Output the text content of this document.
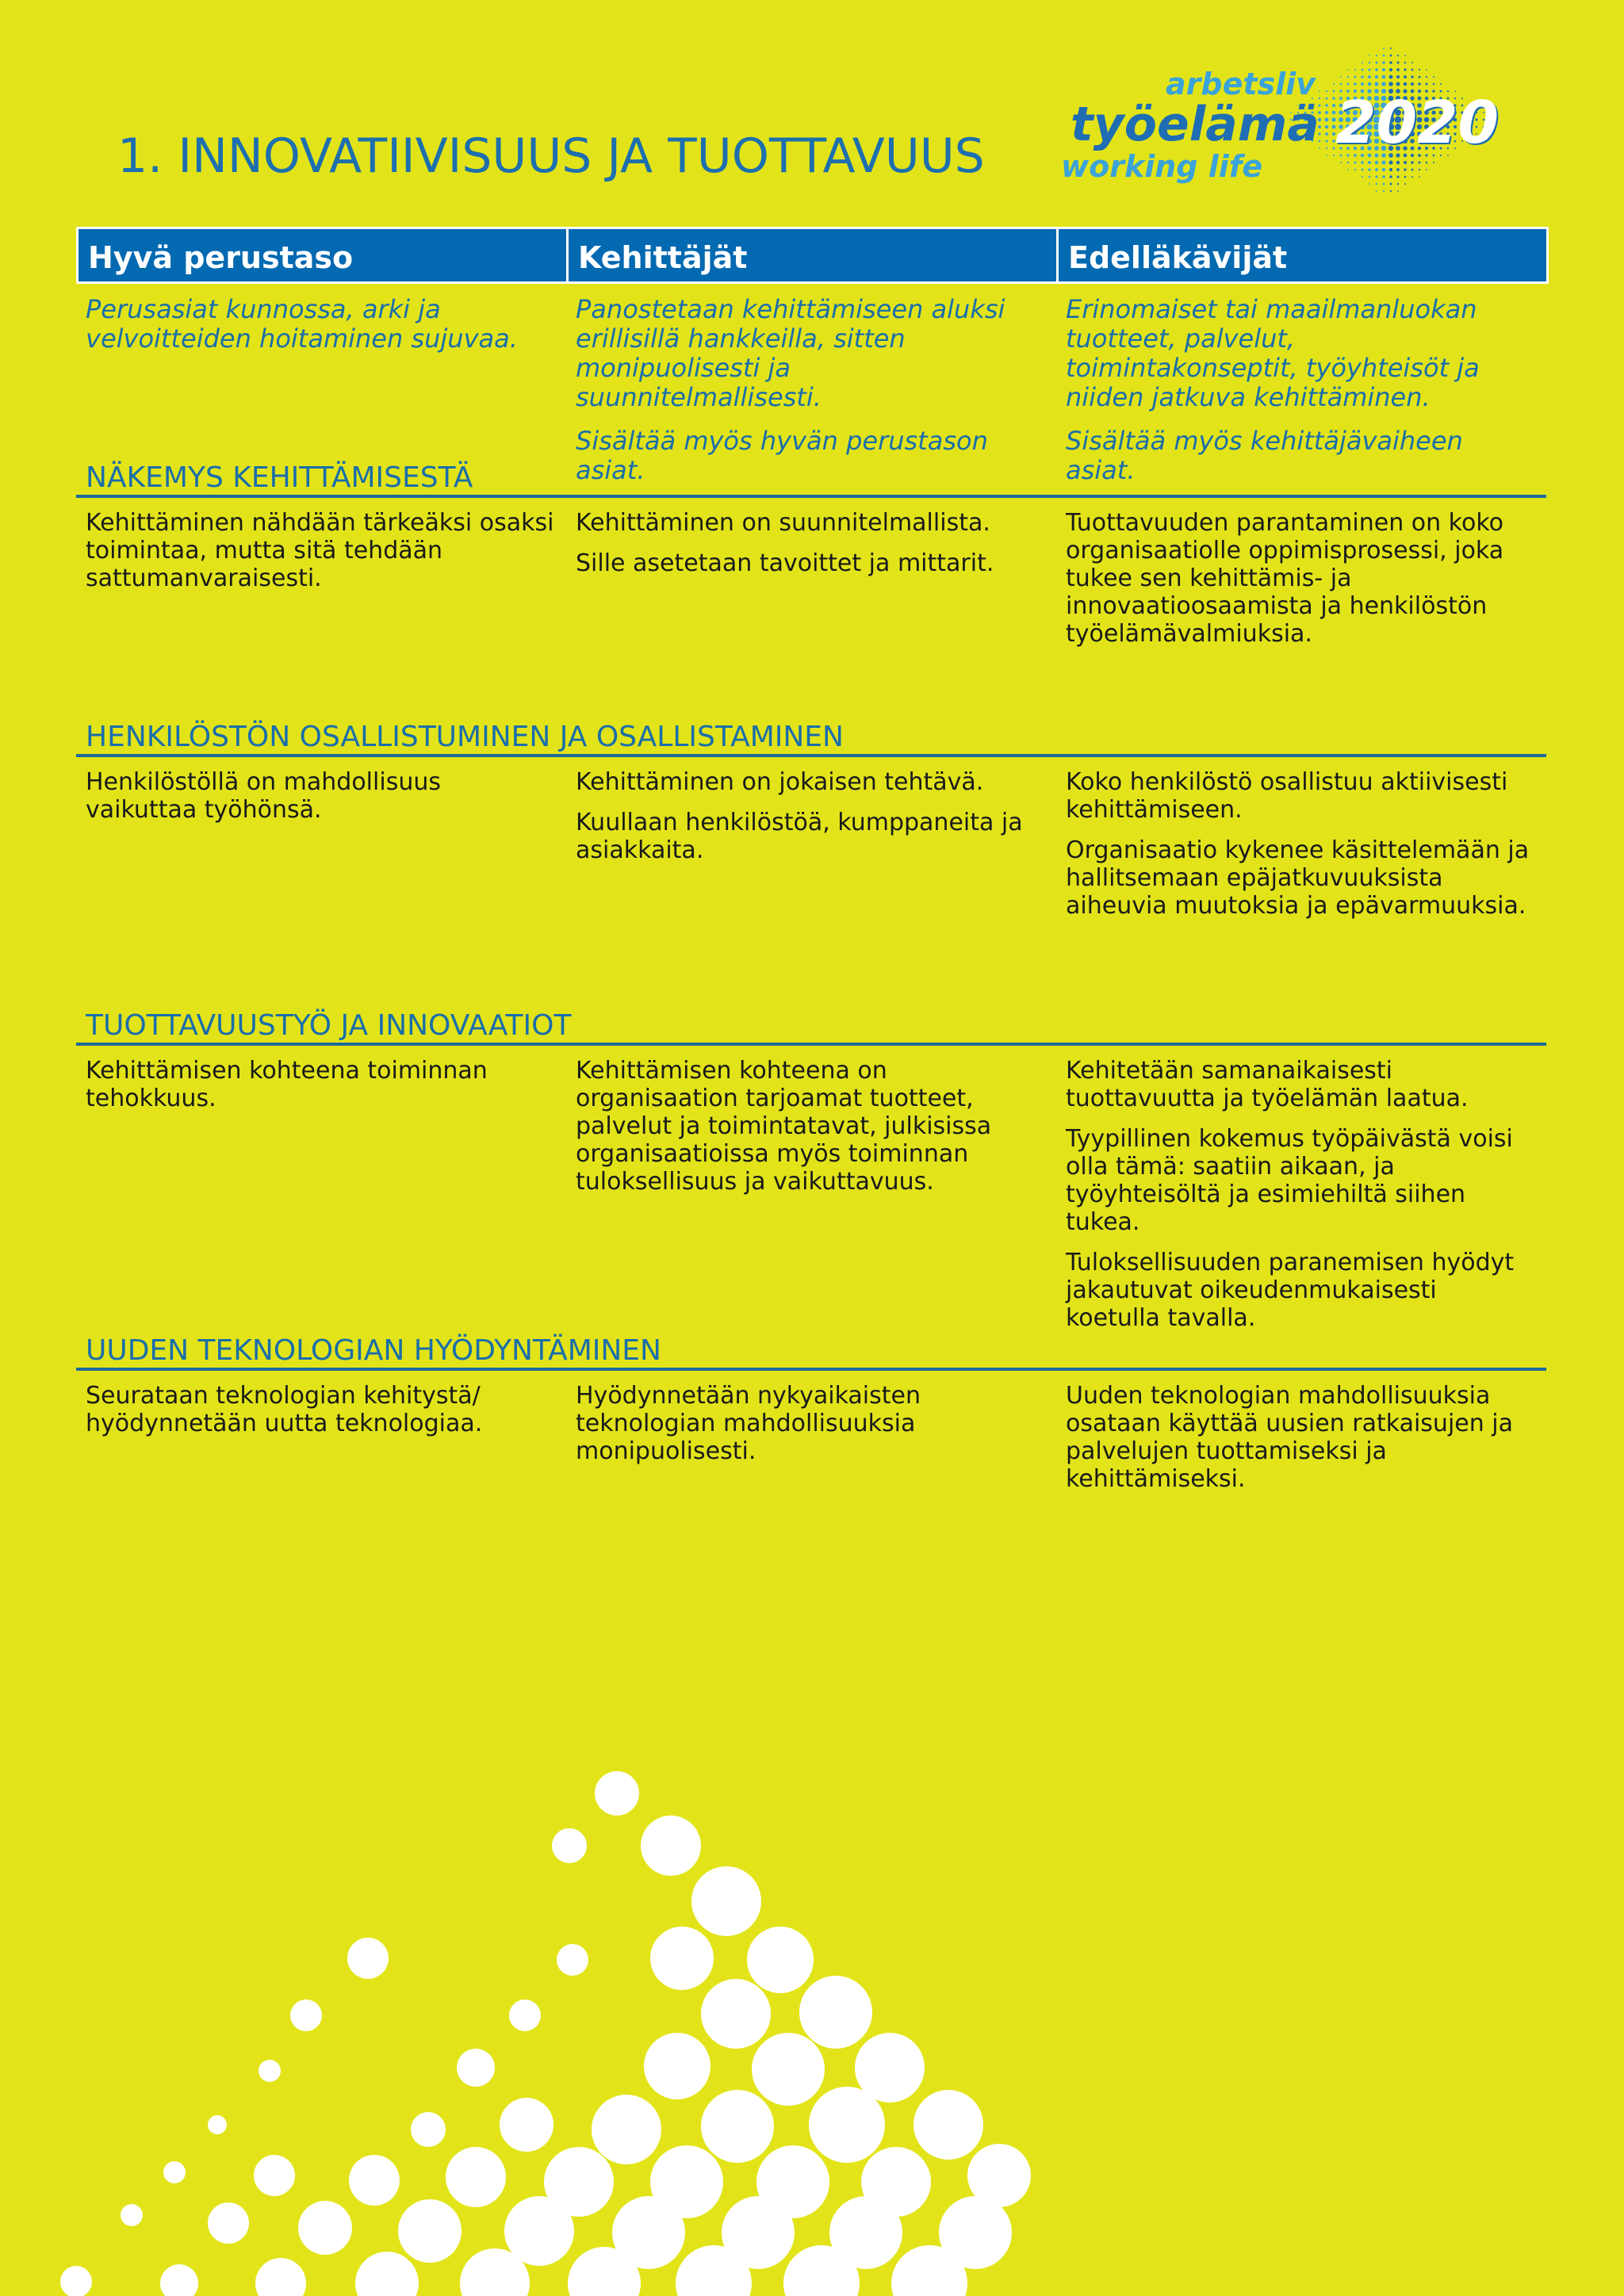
1. INNOVATIIVISUUS JA TUOTTAVUUS
arbetsliv
työelämä
working life
2020
Hyvä perustaso	Kehittäjät	Edelläkävijät

Perusasiat kunnossa, arki ja velvoitteiden hoitaminen sujuvaa.

Panostetaan kehittämiseen aluksi erillisillä hankkeilla, sitten monipuolisesti ja suunnitelmallisesti.

Sisältää myös hyvän perustason asiat.

Erinomaiset tai maailmanluokan tuotteet, palvelut, toimintakonseptit, työyhteisöt ja niiden jatkuva kehittäminen.

Sisältää myös kehittäjävaiheen asiat.

NÄKEMYS KEHITTÄMISESTÄ

Kehittäminen nähdään tärkeäksi osaksi toimintaa, mutta sitä tehdään sattumanvaraisesti.

Kehittäminen on suunnitelmallista.

Sille asetetaan tavoittet ja mittarit.

Tuottavuuden parantaminen on koko organisaatiolle oppimisprosessi, joka tukee sen kehittämis- ja innovaatioosaamista ja henkilöstön työelämävalmiuksia.

HENKILÖSTÖN OSALLISTUMINEN JA OSALLISTAMINEN

Henkilöstöllä on mahdollisuus vaikuttaa työhönsä.

Kehittäminen on jokaisen tehtävä.

Kuullaan henkilöstöä, kumppaneita ja asiakkaita.

Koko henkilöstö osallistuu aktiivisesti kehittämiseen.

Organisaatio kykenee käsittelemään ja hallitsemaan epäjatkuvuuksista aiheuvia muutoksia ja epävarmuuksia.

TUOTTAVUUSTYÖ JA INNOVAATIOT

Kehittämisen kohteena toiminnan tehokkuus.

Kehittämisen kohteena on organisaation tarjoamat tuotteet, palvelut ja toimintatavat, julkisissa organisaatioissa myös toiminnan tuloksellisuus ja vaikuttavuus.

Kehitetään samanaikaisesti tuottavuutta ja työelämän laatua.

Tyypillinen kokemus työpäivästä voisi olla tämä: saatiin aikaan, ja työyhteisöltä ja esimiehiltä siihen tukea.

Tuloksellisuuden paranemisen hyödyt jakautuvat oikeudenmukaisesti koetulla tavalla.

UUDEN TEKNOLOGIAN HYÖDYNTÄMINEN

Seurataan teknologian kehitystä/ hyödynnetään uutta teknologiaa.

Hyödynnetään nykyaikaisten teknologian mahdollisuuksia monipuolisesti.

Uuden teknologian mahdollisuuksia osataan käyttää uusien ratkaisujen ja palvelujen tuottamiseksi ja kehittämiseksi.
